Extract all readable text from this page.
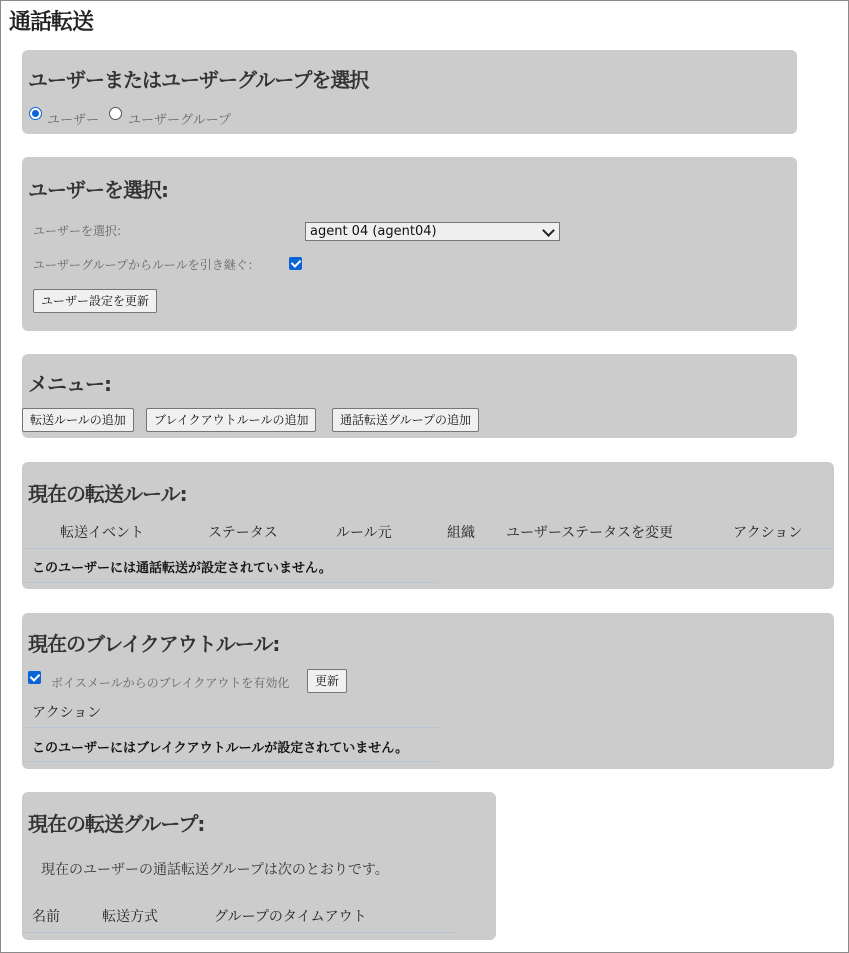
通話転送
ユーザーまたはユーザーグループを選択
ユーザー ユーザーグループ
ユーザーを選択:
ユーザーを選択:	agent 04 (agent04)
ユーザーグループからルールを引き継ぐ：
ユーザー設定を更新
メニュー:
転送ルールの追加	ブレイクアウトルールの追加	通話転送グループの追加
現在の転送ルール:
転送イベント	ステータス	ルール元	組織 ユーザーステータスを変更	アクション
このユーザーには通話転送が設定されていません。
現在のブレイクアウトルール:
ボイスメールからのブレイクアウトを有効化	更新
アクション
このユーザーにはブレイクアウトルールが設定されていません。
現在の転送グループ:
現在のユーザーの通話転送グループは次のとおりです。
名前	転送方式	グループのタイムアウト
